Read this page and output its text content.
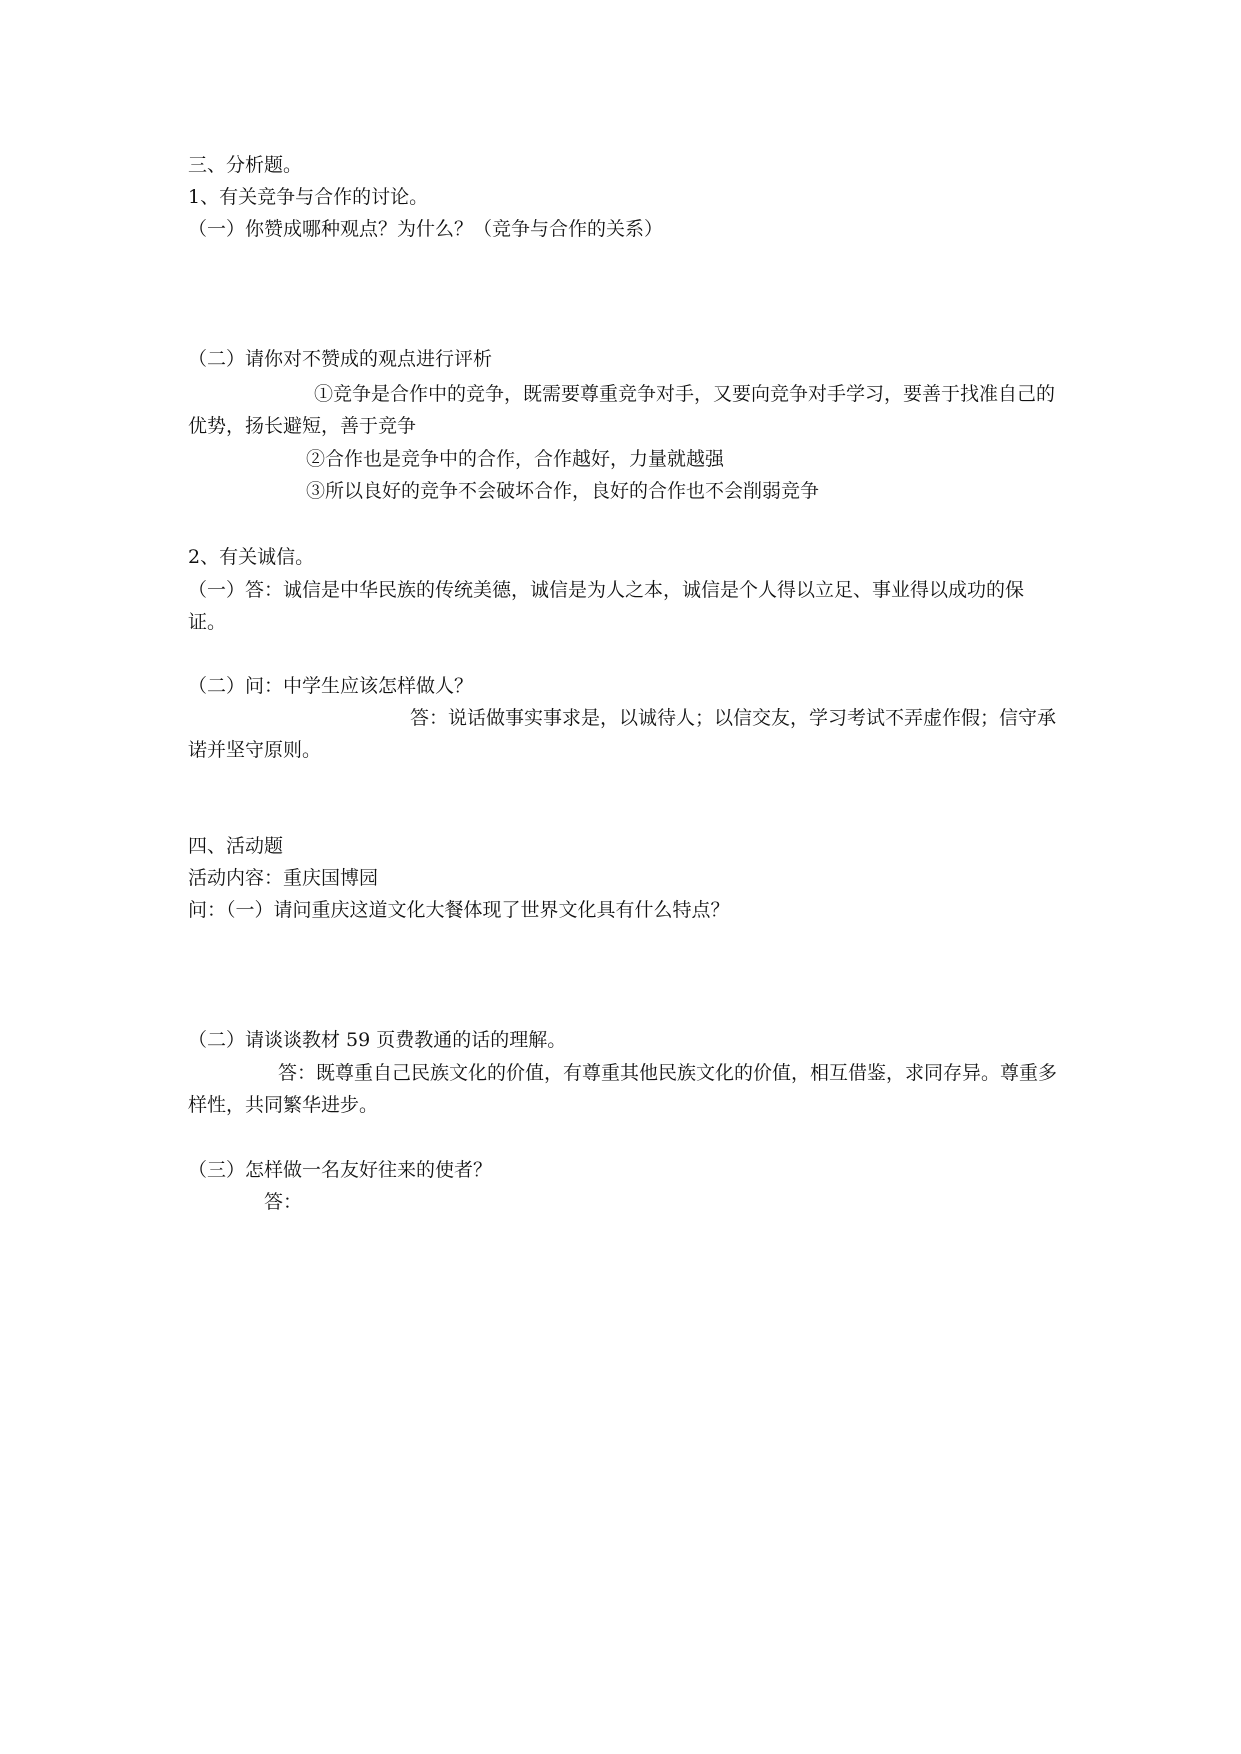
三、分析题。
1、有关竞争与合作的讨论。
（一）你赞成哪种观点？为什么？（竞争与合作的关系）
（二）请你对不赞成的观点进行评析
①竞争是合作中的竞争，既需要尊重竞争对手，又要向竞争对手学习，要善于找准自己的优势，扬长避短，善于竞争
②合作也是竞争中的合作，合作越好，力量就越强
③所以良好的竞争不会破坏合作，良好的合作也不会削弱竞争
2、有关诚信。
（一）答：诚信是中华民族的传统美德，诚信是为人之本，诚信是个人得以立足、事业得以成功的保证。
（二）问：中学生应该怎样做人？
答：说话做事实事求是，以诚待人；以信交友，学习考试不弄虚作假；信守承诺并坚守原则。
四、活动题
活动内容：重庆国博园
问：（一）请问重庆这道文化大餐体现了世界文化具有什么特点？
（二）请谈谈教材 59 页费教通的话的理解。
答：既尊重自己民族文化的价值，有尊重其他民族文化的价值，相互借鉴，求同存异。尊重多样性，共同繁华进步。
（三）怎样做一名友好往来的使者？
答：
